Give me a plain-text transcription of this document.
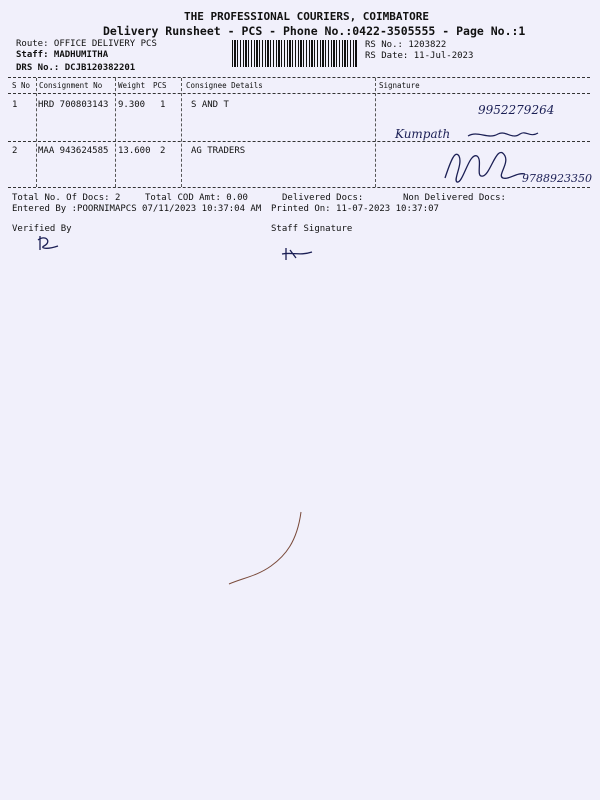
THE PROFESSIONAL COURIERS, COIMBATORE
Delivery Runsheet - PCS - Phone No.:0422-3505555 - Page No.:1
Route: OFFICE DELIVERY PCS
Staff: MADHUMITHA
DRS No.: DCJB120382201
RS No.: 1203822
RS Date: 11-Jul-2023
S No Consignment No Weight PCS	Consignee Details	Signature
1 HRD 700803143 9.300 1	S AND T
2 MAA 943624585 13.600 2	AG TRADERS
Total No. Of Docs: 2	Total COD Amt: 0.00	Delivered Docs:	Non Delivered Docs:
Entered By :POORNIMAPCS 07/11/2023 10:37:04 AM Printed On: 11-07-2023 10:37:07
Verified By	Staff Signature
9952279264
Kumpath
9788923350
